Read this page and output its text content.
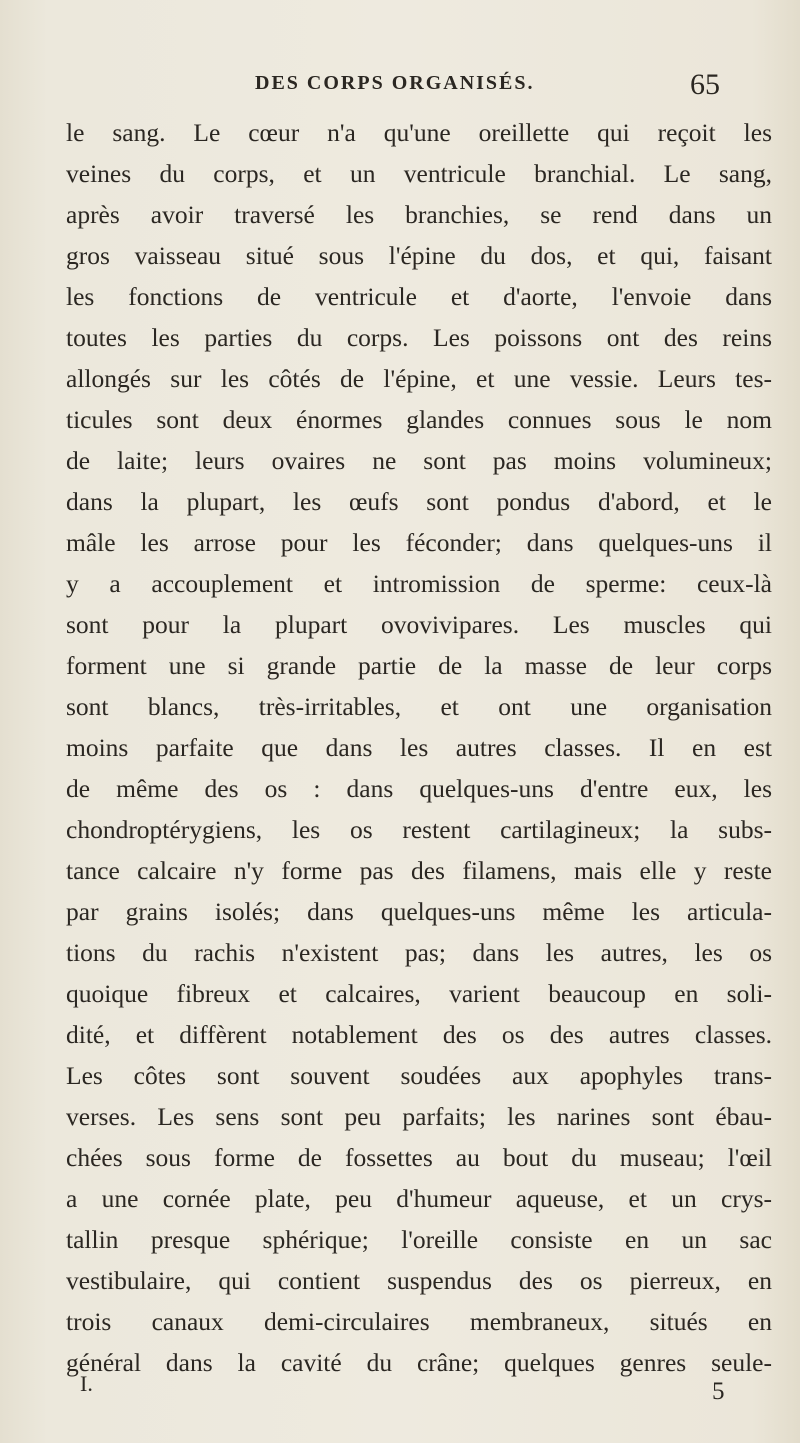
DES CORPS ORGANISÉS.	65
le sang. Le cœur n'a qu'une oreillette qui reçoit les
veines du corps, et un ventricule branchial. Le sang,
après avoir traversé les branchies, se rend dans un
gros vaisseau situé sous l'épine du dos, et qui, faisant
les fonctions de ventricule et d'aorte, l'envoie dans
toutes les parties du corps. Les poissons ont des reins
allongés sur les côtés de l'épine, et une vessie. Leurs tes-
ticules sont deux énormes glandes connues sous le nom
de laite; leurs ovaires ne sont pas moins volumineux;
dans la plupart, les œufs sont pondus d'abord, et le
mâle les arrose pour les féconder; dans quelques-uns il
y a accouplement et intromission de sperme: ceux-là
sont pour la plupart ovovivipares. Les muscles qui
forment une si grande partie de la masse de leur corps
sont blancs, très-irritables, et ont une organisation
moins parfaite que dans les autres classes. Il en est
de même des os : dans quelques-uns d'entre eux, les
chondroptérygiens, les os restent cartilagineux; la subs-
tance calcaire n'y forme pas des filamens, mais elle y reste
par grains isolés; dans quelques-uns même les articula-
tions du rachis n'existent pas; dans les autres, les os
quoique fibreux et calcaires, varient beaucoup en soli-
dité, et diffèrent notablement des os des autres classes.
Les côtes sont souvent soudées aux apophyles trans-
verses. Les sens sont peu parfaits; les narines sont ébau-
chées sous forme de fossettes au bout du museau; l'œil
a une cornée plate, peu d'humeur aqueuse, et un crys-
tallin presque sphérique; l'oreille consiste en un sac
vestibulaire, qui contient suspendus des os pierreux, en
trois canaux demi-circulaires membraneux, situés en
général dans la cavité du crâne; quelques genres seule-
I.	5
